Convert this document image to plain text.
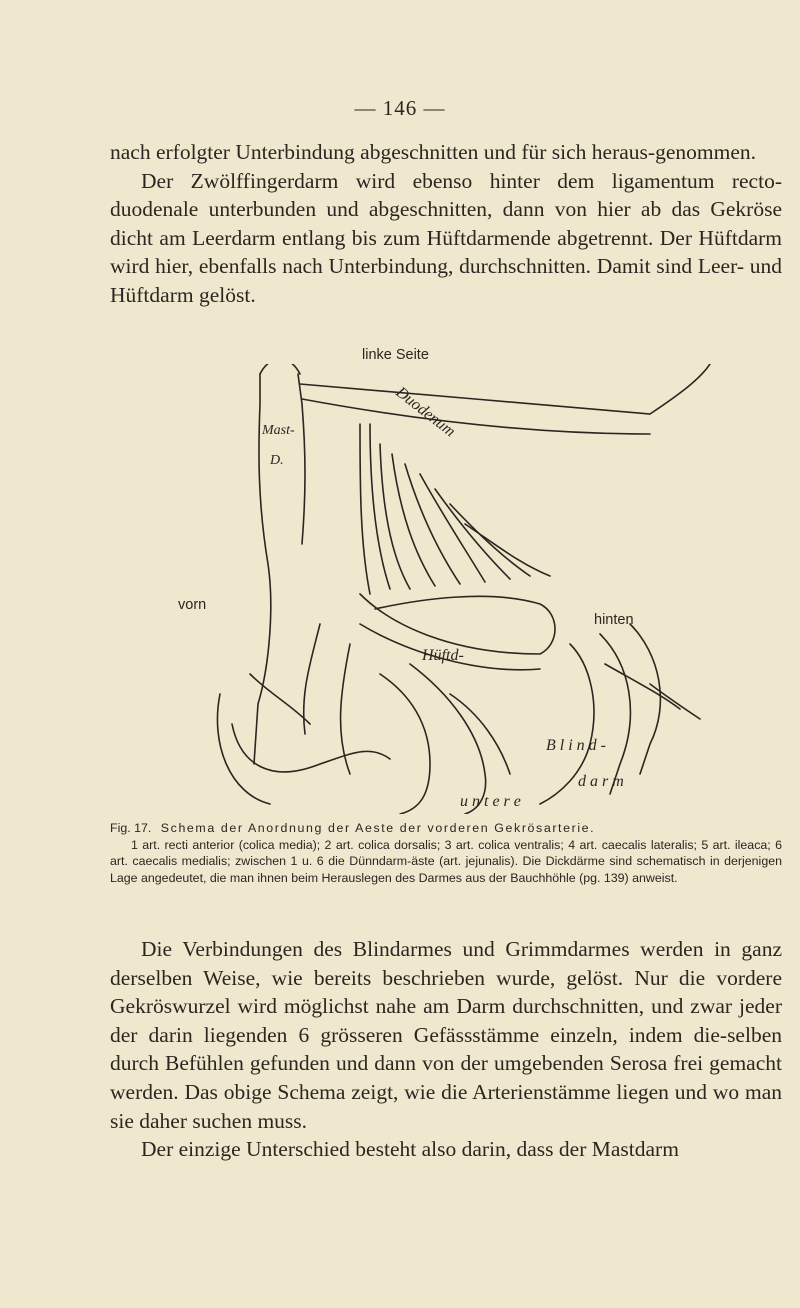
— 146 —

nach erfolgter Unterbindung abgeschnitten und für sich heraus-genommen.

Der Zwölffingerdarm wird ebenso hinter dem ligamentum recto-duodenale unterbunden und abgeschnitten, dann von hier ab das Gekröse dicht am Leerdarm entlang bis zum Hüftdarmende abgetrennt. Der Hüftdarm wird hier, ebenfalls nach Unterbindung, durchschnitten. Damit sind Leer- und Hüftdarm gelöst.

linke Seite
vorn
hinten
Mast-
D.
Duodenum
Hüftd-
B l i n d -
d a r m
u n t e r e
Fig. 17. Schema der Anordnung der Aeste der vorderen Gekrösarterie.
1 art. recti anterior (colica media); 2 art. colica dorsalis; 3 art. colica ventralis; 4 art. caecalis lateralis; 5 art. ileaca; 6 art. caecalis medialis; zwischen 1 u. 6 die Dünndarm-äste (art. jejunalis). Die Dickdärme sind schematisch in derjenigen Lage angedeutet, die man ihnen beim Herauslegen des Darmes aus der Bauchhöhle (pg. 139) anweist.

Die Verbindungen des Blindarmes und Grimmdarmes werden in ganz derselben Weise, wie bereits beschrieben wurde, gelöst. Nur die vordere Gekröswurzel wird möglichst nahe am Darm durchschnitten, und zwar jeder der darin liegenden 6 grösseren Gefässstämme einzeln, indem die-selben durch Befühlen gefunden und dann von der umgebenden Serosa frei gemacht werden. Das obige Schema zeigt, wie die Arterienstämme liegen und wo man sie daher suchen muss.

Der einzige Unterschied besteht also darin, dass der Mastdarm
